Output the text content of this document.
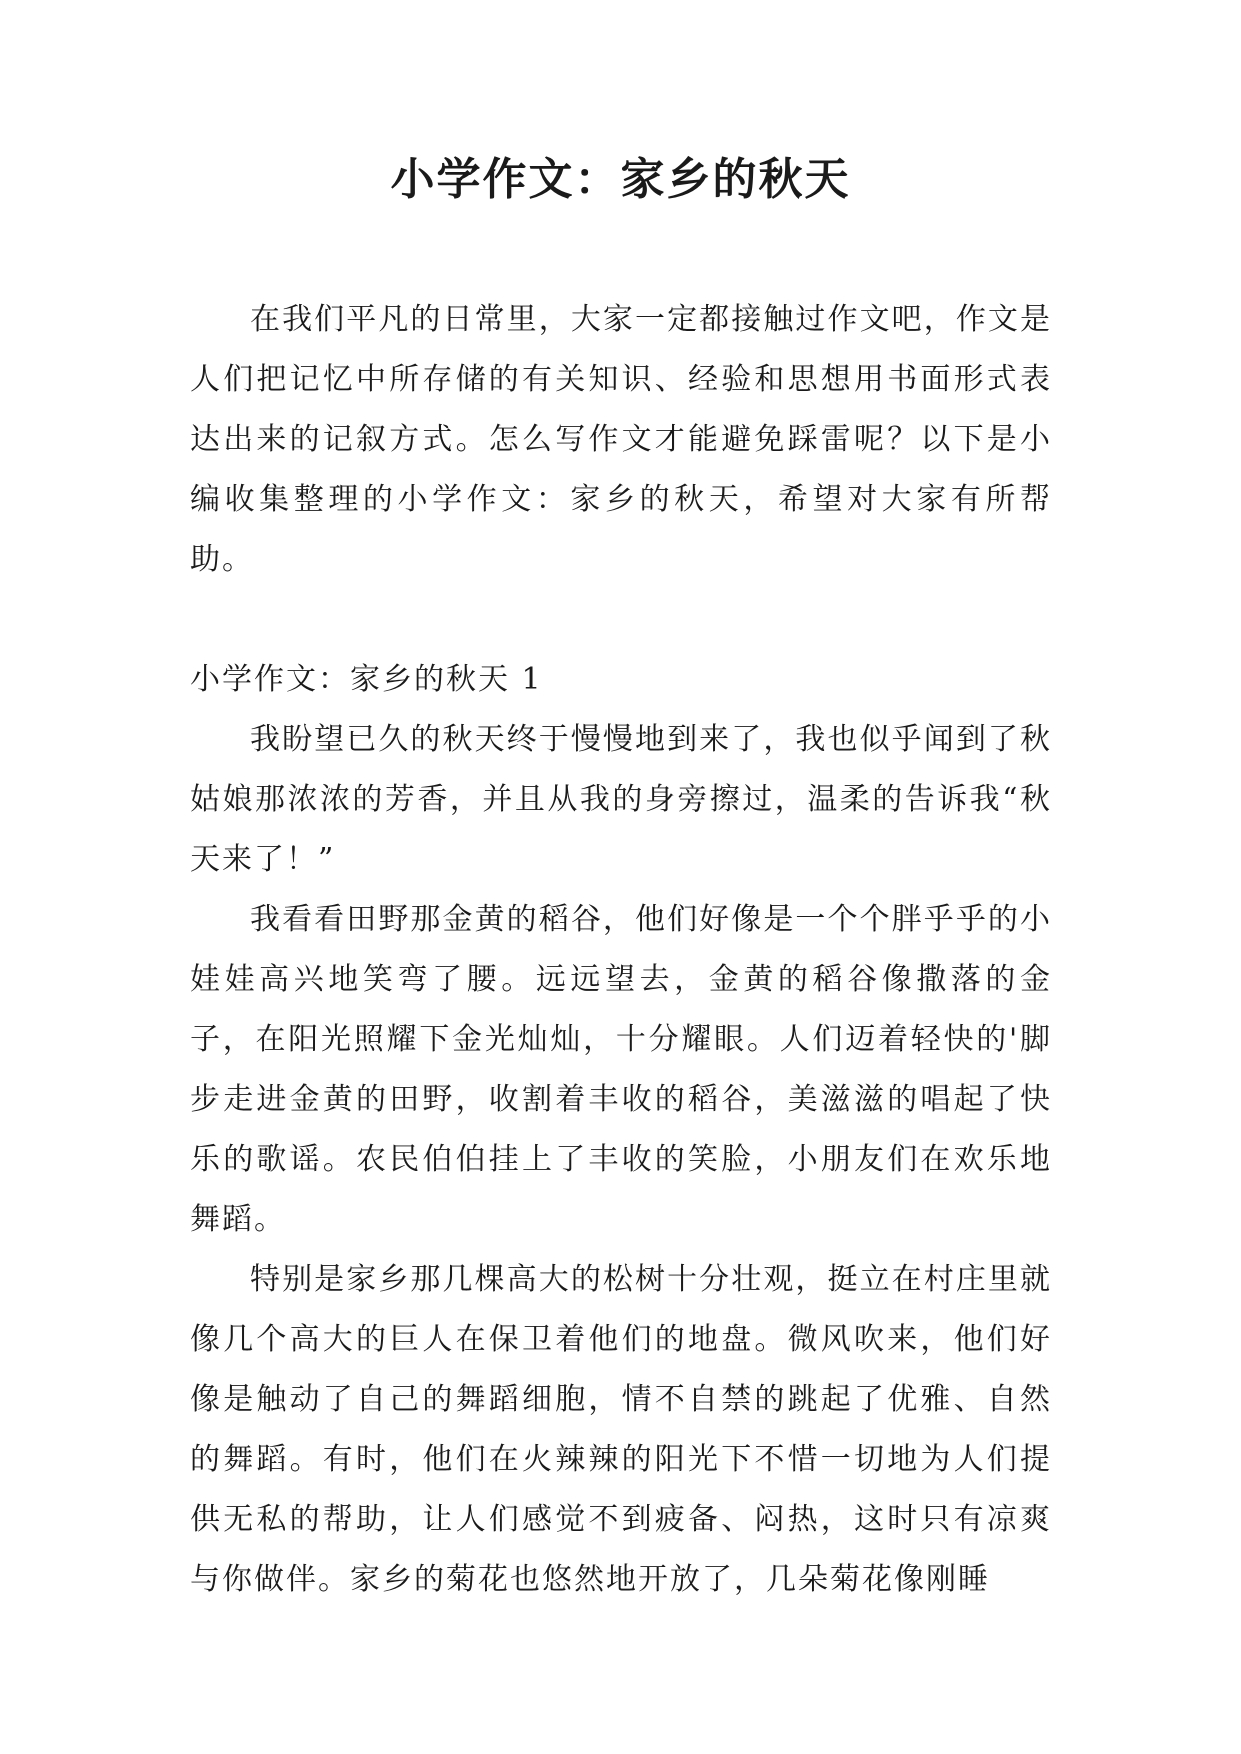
小学作文：家乡的秋天

在我们平凡的日常里，大家一定都接触过作文吧，作文是人们把记忆中所存储的有关知识、经验和思想用书面形式表达出来的记叙方式。怎么写作文才能避免踩雷呢？以下是小编收集整理的小学作文：家乡的秋天，希望对大家有所帮助。

小学作文：家乡的秋天 1

我盼望已久的秋天终于慢慢地到来了，我也似乎闻到了秋姑娘那浓浓的芳香，并且从我的身旁擦过，温柔的告诉我“秋天来了！”

我看看田野那金黄的稻谷，他们好像是一个个胖乎乎的小娃娃高兴地笑弯了腰。远远望去，金黄的稻谷像撒落的金子，在阳光照耀下金光灿灿，十分耀眼。人们迈着轻快的'脚步走进金黄的田野，收割着丰收的稻谷，美滋滋的唱起了快乐的歌谣。农民伯伯挂上了丰收的笑脸，小朋友们在欢乐地舞蹈。

特别是家乡那几棵高大的松树十分壮观，挺立在村庄里就像几个高大的巨人在保卫着他们的地盘。微风吹来，他们好像是触动了自己的舞蹈细胞，情不自禁的跳起了优雅、自然的舞蹈。有时，他们在火辣辣的阳光下不惜一切地为人们提供无私的帮助，让人们感觉不到疲备、闷热，这时只有凉爽与你做伴。家乡的菊花也悠然地开放了，几朵菊花像刚睡
